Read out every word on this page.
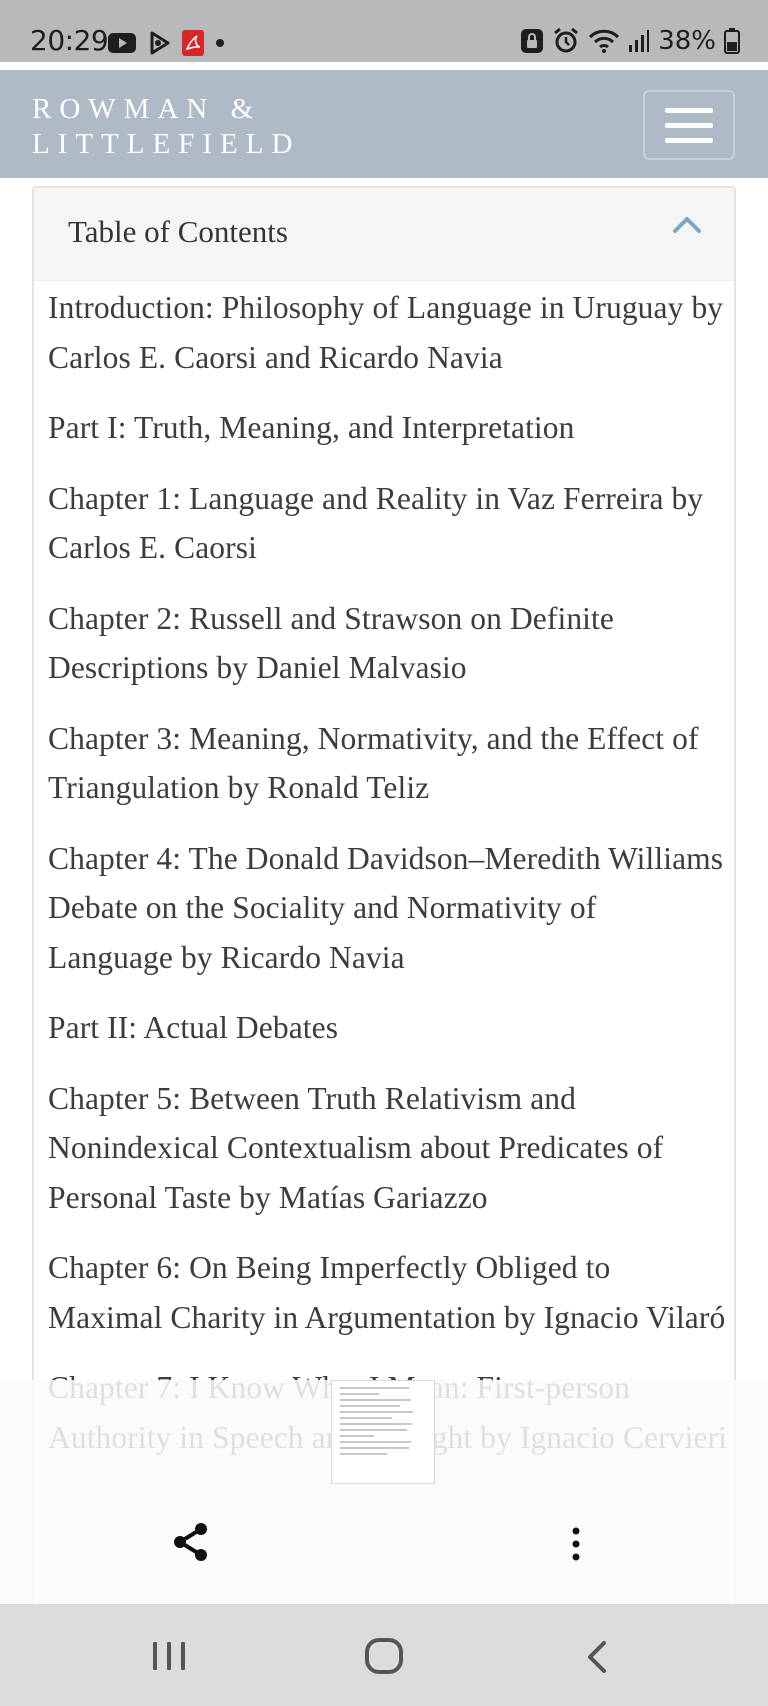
20:29	38%
ROWMAN &
LITTLEFIELD
Table of Contents
Introduction: Philosophy of Language in Uruguay by Carlos E. Caorsi and Ricardo Navia
Part I: Truth, Meaning, and Interpretation
Chapter 1: Language and Reality in Vaz Ferreira by Carlos E. Caorsi
Chapter 2: Russell and Strawson on Definite Descriptions by Daniel Malvasio
Chapter 3: Meaning, Normativity, and the Effect of Triangulation by Ronald Teliz
Chapter 4: The Donald Davidson–Meredith Williams Debate on the Sociality and Normativity of Language by Ricardo Navia
Part II: Actual Debates
Chapter 5: Between Truth Relativism and Nonindexical Contextualism about Predicates of Personal Taste by Matías Gariazzo
Chapter 6: On Being Imperfectly Obliged to Maximal Charity in Argumentation by Ignacio Vilaró
